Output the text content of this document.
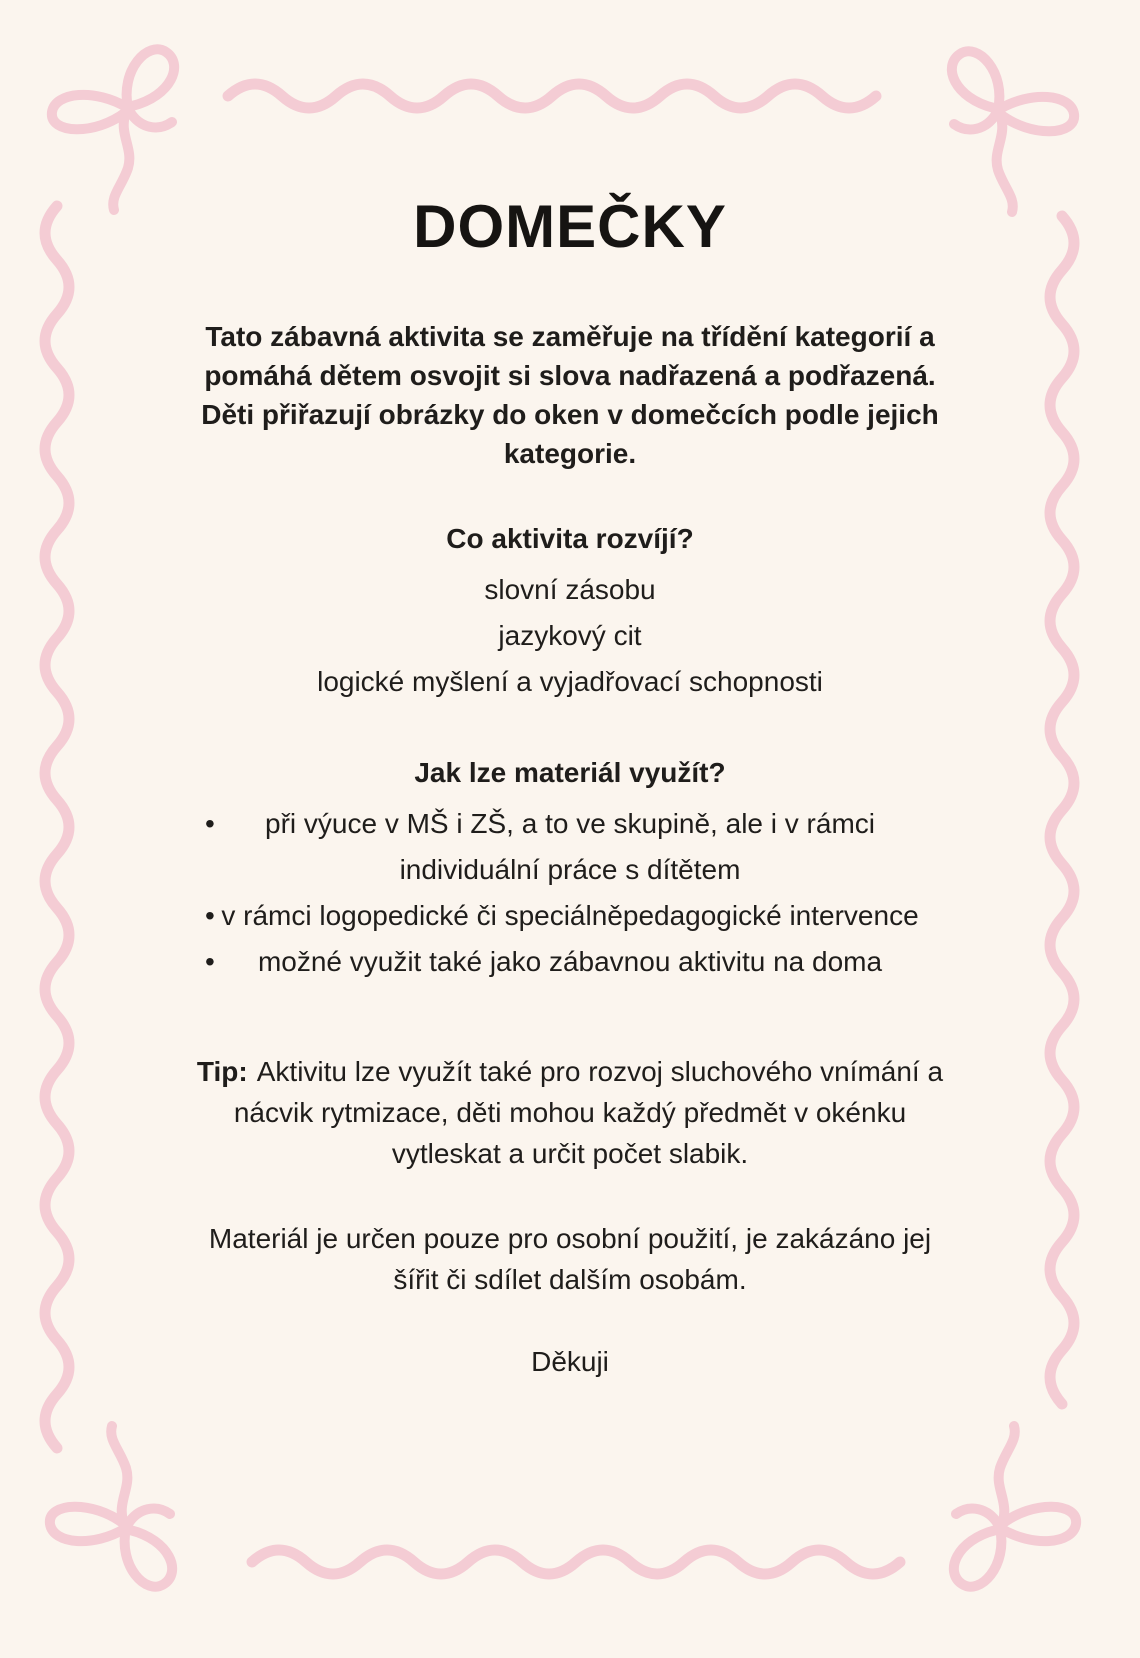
DOMEČKY

Tato zábavná aktivita se zaměřuje na třídění kategorií a
pomáhá dětem osvojit si slova nadřazená a podřazená.
Děti přiřazují obrázky do oken v domečcích podle jejich
kategorie.

Co aktivita rozvíjí?
slovní zásobu
jazykový cit
logické myšlení a vyjadřovací schopnosti
Jak lze materiál využít?
•	při výuce v MŠ i ZŠ, a to ve skupině, ale i v rámci
individuální práce s dítětem
• v rámci logopedické či speciálněpedagogické intervence
•	možné využit také jako zábavnou aktivitu na doma

Tip: Aktivitu lze využít také pro rozvoj sluchového vnímání a
nácvik rytmizace, děti mohou každý předmět v okénku
vytleskat a určit počet slabik.

Materiál je určen pouze pro osobní použití, je zakázáno jej
šířit či sdílet dalším osobám.

Děkuji
